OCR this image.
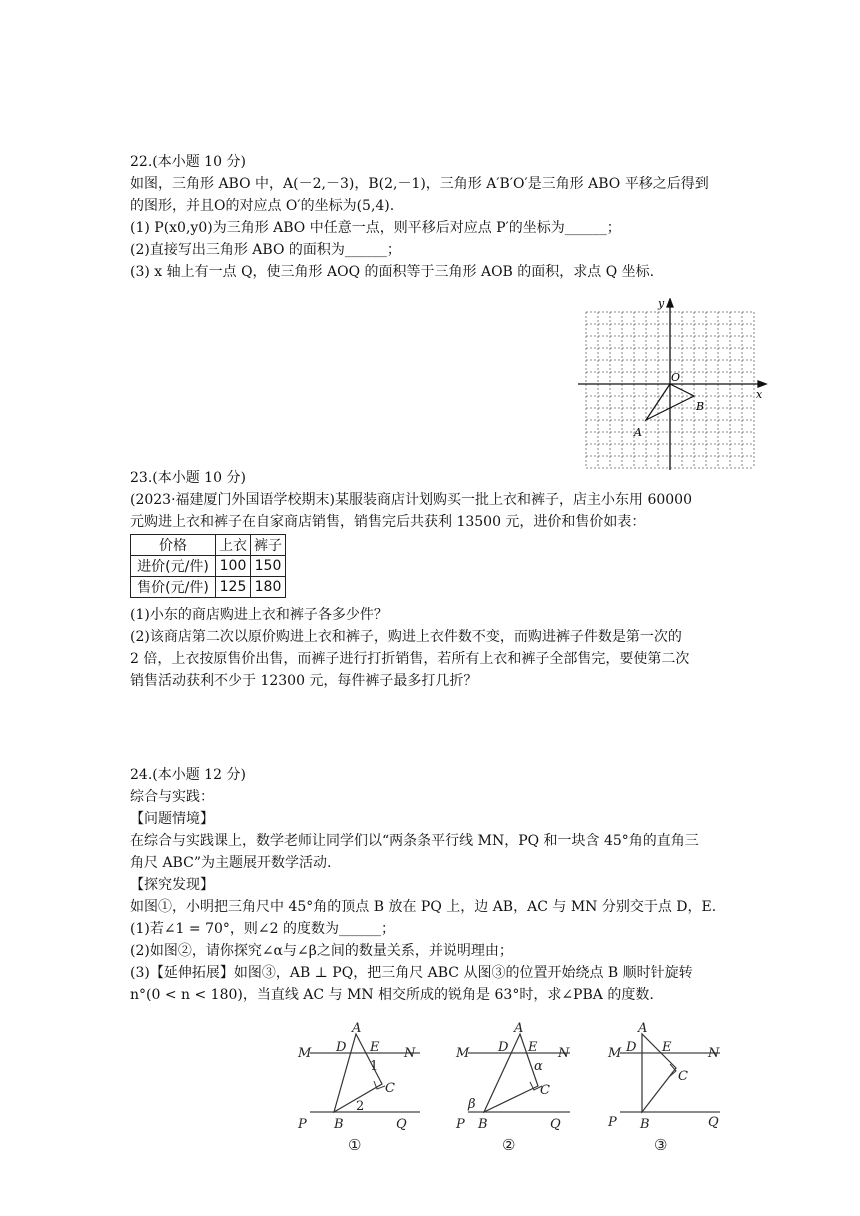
22.(本小题 10 分)
如图，三角形 ABO 中，A(－2,－3)，B(2,－1)，三角形 A′B′O′是三角形 ABO 平移之后得到
的图形，并且O的对应点 O′的坐标为(5,4).
(1) P(x0,y0)为三角形 ABO 中任意一点，则平移后对应点 P′的坐标为______；
(2)直接写出三角形 ABO 的面积为______；
(3) x 轴上有一点 Q，使三角形 AOQ 的面积等于三角形 AOB 的面积，求点 Q 坐标.
y
x
O
A
B
23.(本小题 10 分)
(2023·福建厦门外国语学校期末)某服装商店计划购买一批上衣和裤子，店主小东用 60000
元购进上衣和裤子在自家商店销售，销售完后共获利 13500 元，进价和售价如表：
价格	上衣	裤子
进价(元/件)	100	150
售价(元/件)	125	180
(1)小东的商店购进上衣和裤子各多少件？
(2)该商店第二次以原价购进上衣和裤子，购进上衣件数不变，而购进裤子件数是第一次的
2 倍，上衣按原售价出售，而裤子进行打折销售，若所有上衣和裤子全部售完，要使第二次
销售活动获利不少于 12300 元，每件裤子最多打几折？
24.(本小题 12 分)
综合与实践：
【问题情境】
在综合与实践课上，数学老师让同学们以“两条条平行线 MN，PQ 和一块含 45°角的直角三
角尺 ABC”为主题展开数学活动.
【探究发现】
如图①，小明把三角尺中 45°角的顶点 B 放在 PQ 上，边 AB，AC 与 MN 分别交于点 D，E.
(1)若∠1 = 70°，则∠2 的度数为______；
(2)如图②，请你探究∠α与∠β之间的数量关系，并说明理由；
(3)【延伸拓展】如图③，AB ⊥ PQ，把三角尺 ABC 从图③的位置开始绕点 B 顺时针旋转
n°(0 < n < 180)，当直线 AC 与 MN 相交所成的锐角是 63°时，求∠PBA 的度数.
M	N
P	Q
A
B
C
D E
1
2
①
M	N
P	Q
A
B
C
D E
α
β
②
M	N
P	Q
A
B
C
D E
③
